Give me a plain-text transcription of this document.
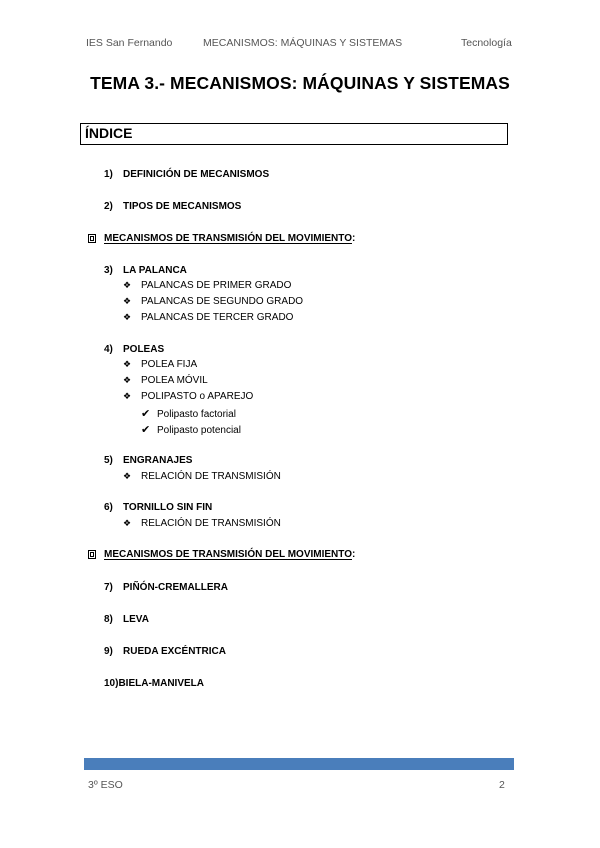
IES San Fernando	MECANISMOS: MÁQUINAS Y SISTEMAS	Tecnología
TEMA 3.- MECANISMOS: MÁQUINAS Y SISTEMAS
ÍNDICE
1) DEFINICIÓN DE MECANISMOS
2) TIPOS DE MECANISMOS
MECANISMOS DE TRANSMISIÓN DEL MOVIMIENTO:
3) LA PALANCA
❖ PALANCAS DE PRIMER GRADO
❖ PALANCAS DE SEGUNDO GRADO
❖ PALANCAS DE TERCER GRADO
4) POLEAS
❖ POLEA FIJA
❖ POLEA MÓVIL
❖ POLIPASTO o APAREJO
✔ Polipasto factorial
✔ Polipasto potencial
5) ENGRANAJES
❖ RELACIÓN DE TRANSMISIÓN
6) TORNILLO SIN FIN
❖ RELACIÓN DE TRANSMISIÓN
MECANISMOS DE TRANSMISIÓN DEL MOVIMIENTO:
7) PIÑÓN-CREMALLERA
8) LEVA
9) RUEDA EXCÉNTRICA
10)BIELA-MANIVELA
3º ESO	2
